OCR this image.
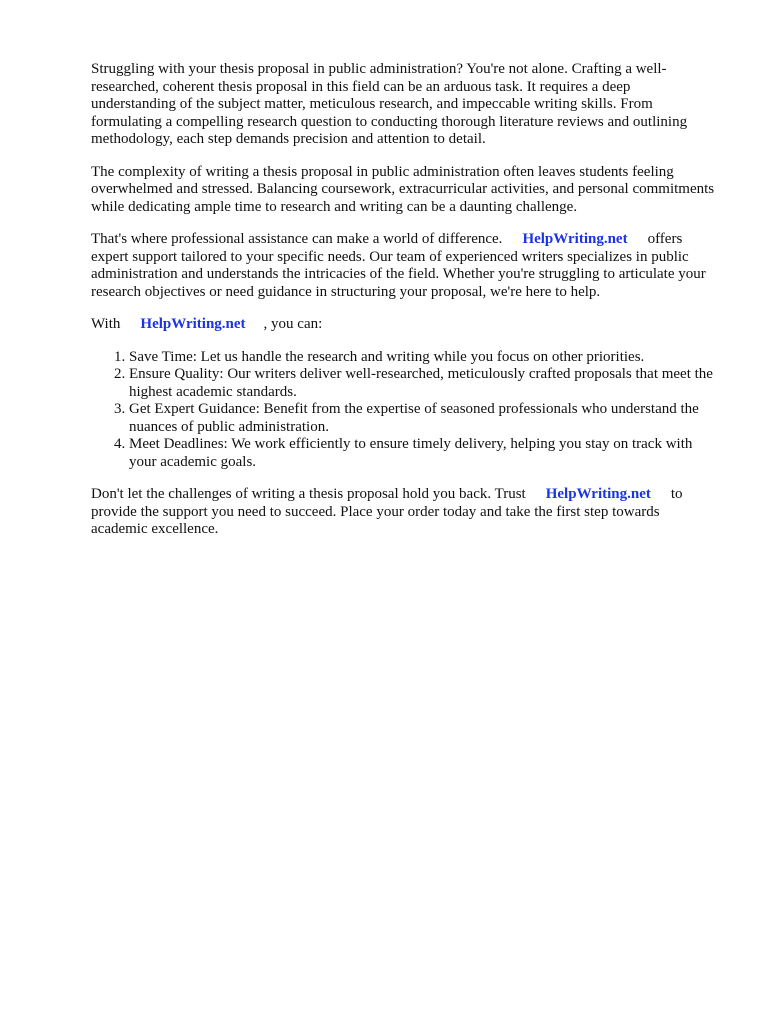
Struggling with your thesis proposal in public administration? You're not alone. Crafting a well-researched, coherent thesis proposal in this field can be an arduous task. It requires a deep understanding of the subject matter, meticulous research, and impeccable writing skills. From formulating a compelling research question to conducting thorough literature reviews and outlining methodology, each step demands precision and attention to detail.

The complexity of writing a thesis proposal in public administration often leaves students feeling overwhelmed and stressed. Balancing coursework, extracurricular activities, and personal commitments while dedicating ample time to research and writing can be a daunting challenge.

That's where professional assistance can make a world of difference. HelpWriting.net offers expert support tailored to your specific needs. Our team of experienced writers specializes in public administration and understands the intricacies of the field. Whether you're struggling to articulate your research objectives or need guidance in structuring your proposal, we're here to help.

With HelpWriting.net , you can:

1. Save Time: Let us handle the research and writing while you focus on other priorities.
2. Ensure Quality: Our writers deliver well-researched, meticulously crafted proposals that meet the highest academic standards.
3. Get Expert Guidance: Benefit from the expertise of seasoned professionals who understand the nuances of public administration.
4. Meet Deadlines: We work efficiently to ensure timely delivery, helping you stay on track with your academic goals.

Don't let the challenges of writing a thesis proposal hold you back. Trust HelpWriting.net to provide the support you need to succeed. Place your order today and take the first step towards academic excellence.
